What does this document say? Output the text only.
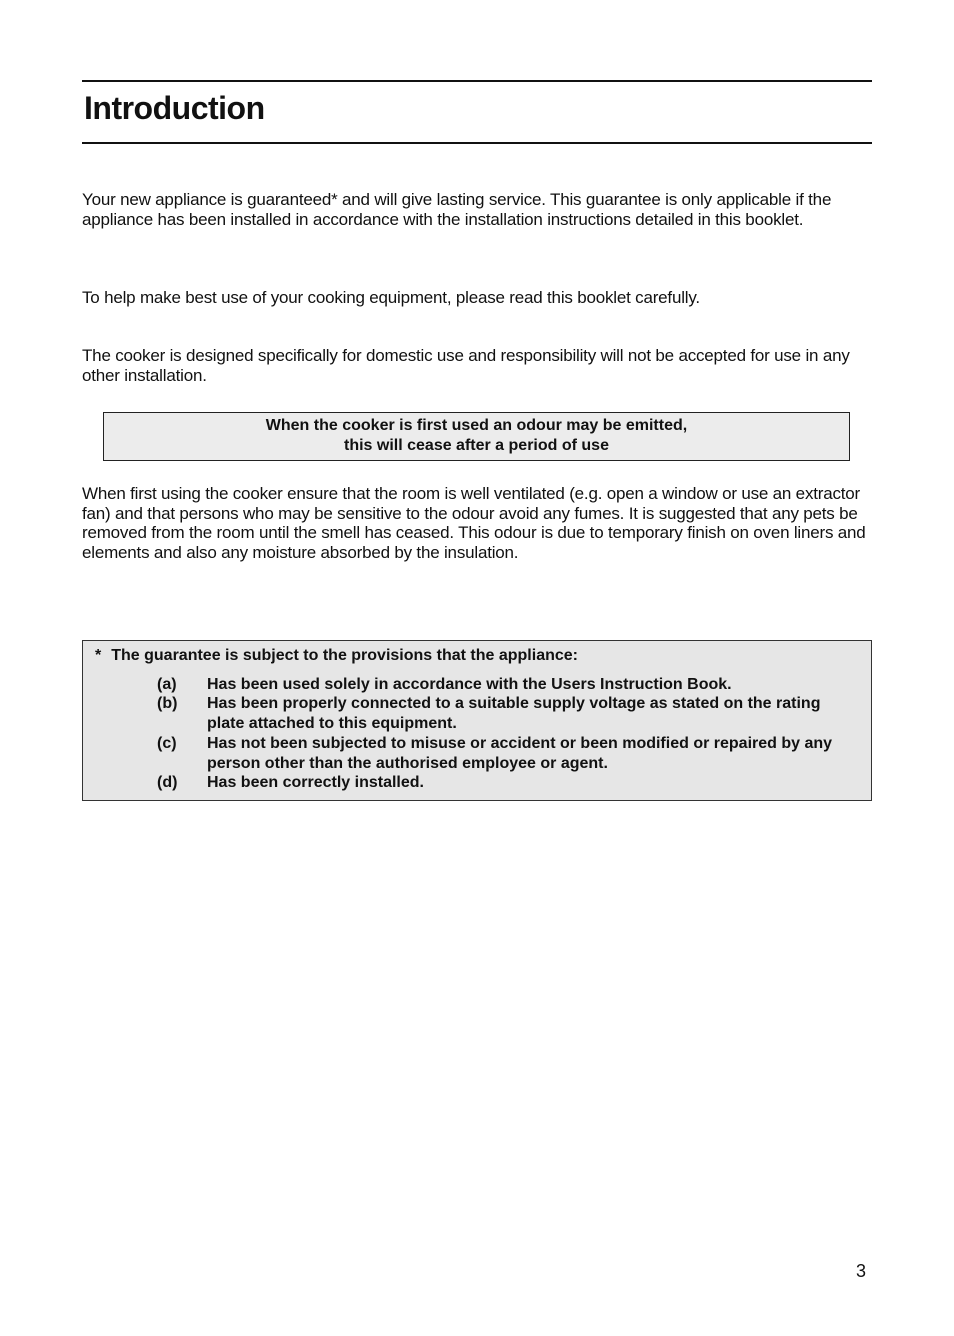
Introduction

Your new appliance is guaranteed* and will give lasting service. This guarantee is only applicable if the appliance has been installed in accordance with the installation instructions detailed in this booklet.

To help make best use of your cooking equipment, please read this booklet carefully.

The cooker is designed specifically for domestic use and responsibility will not be accepted for use in any other installation.

When the cooker is first used an odour may be emitted,
this will cease after a period of use

When first using the cooker ensure that the room is well ventilated (e.g. open a window or use an extractor fan) and that persons who may be sensitive to the odour avoid any fumes. It is suggested that any pets be removed from the room until the smell has ceased. This odour is due to temporary finish on oven liners and elements and also any moisture absorbed by the insulation.

* The guarantee is subject to the provisions that the appliance:
(a) Has been used solely in accordance with the Users Instruction Book.
(b) Has been properly connected to a suitable supply voltage as stated on the rating plate attached to this equipment.
(c) Has not been subjected to misuse or accident or been modified or repaired by any person other than the authorised employee or agent.
(d) Has been correctly installed.
3
